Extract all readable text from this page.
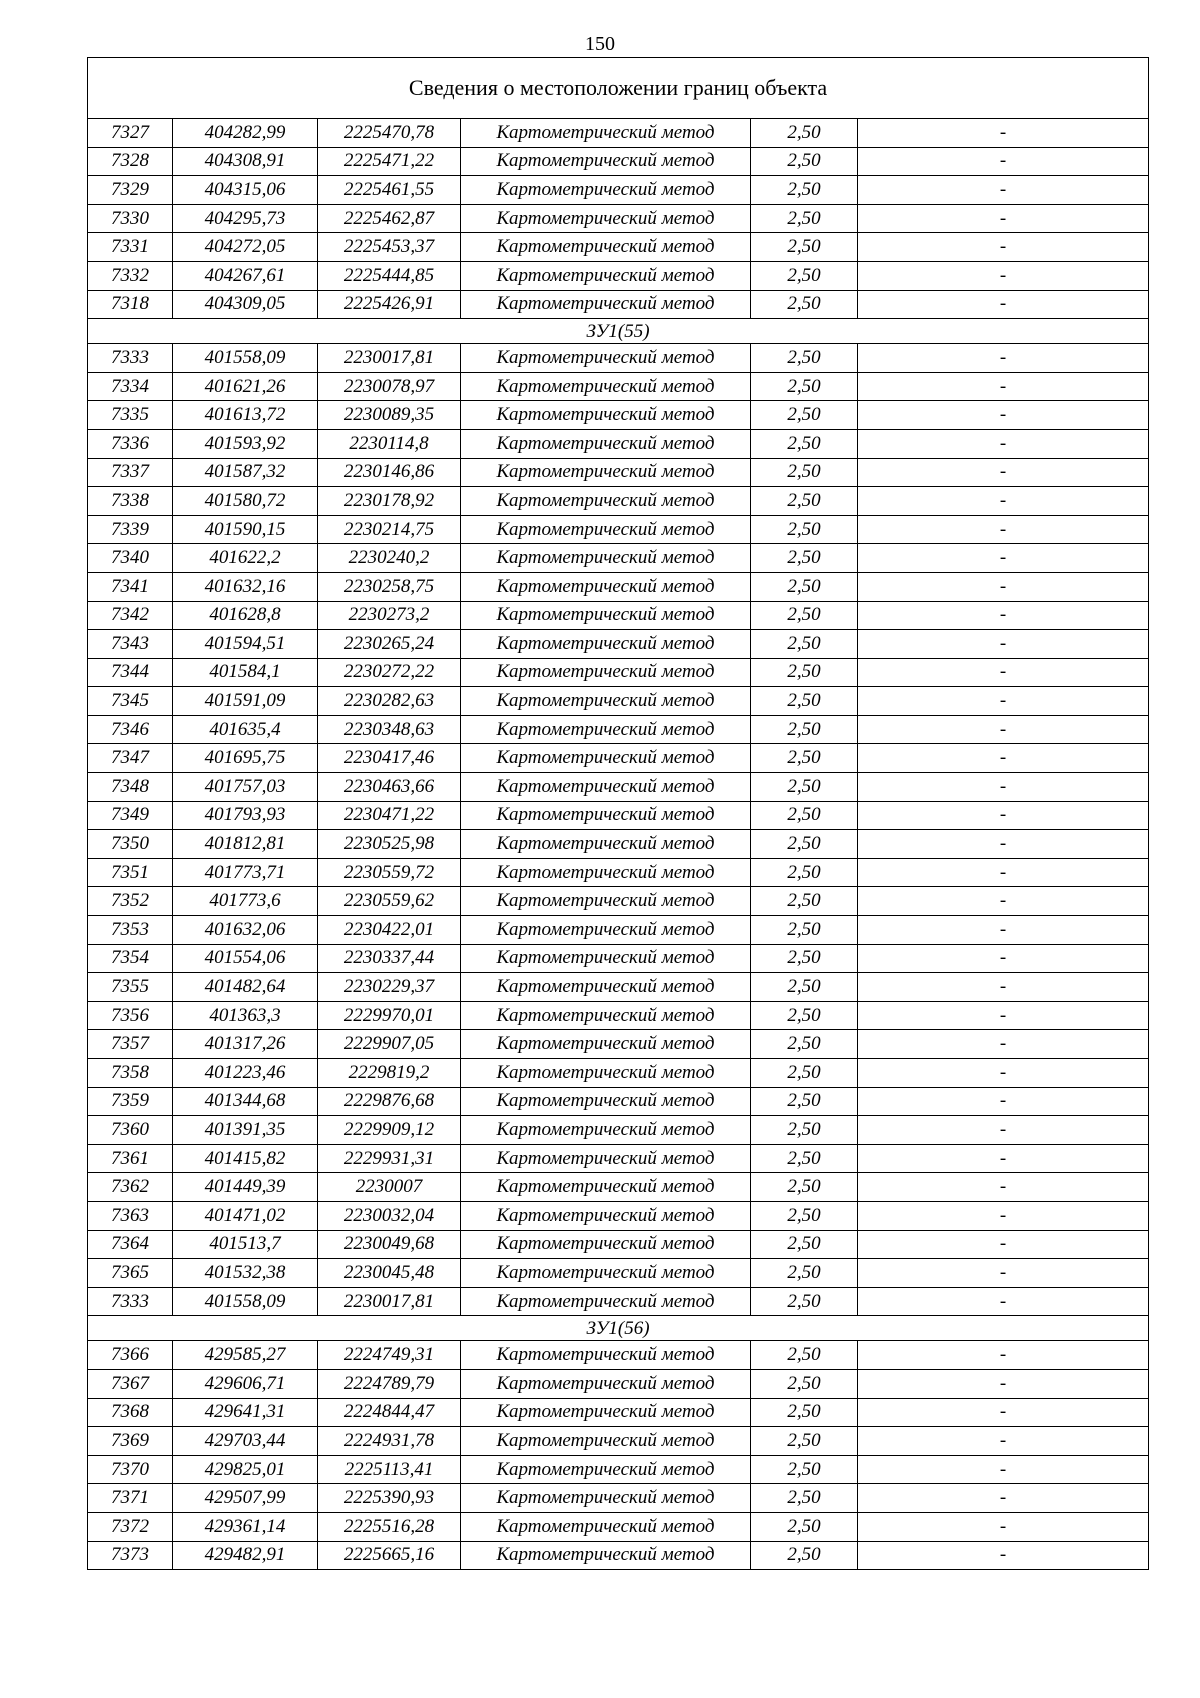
150
Сведения о местоположении границ объекта					
7327	404282,99	2225470,78	Картометрический метод	2,50	-
7328	404308,91	2225471,22	Картометрический метод	2,50	-
7329	404315,06	2225461,55	Картометрический метод	2,50	-
7330	404295,73	2225462,87	Картометрический метод	2,50	-
7331	404272,05	2225453,37	Картометрический метод	2,50	-
7332	404267,61	2225444,85	Картометрический метод	2,50	-
7318	404309,05	2225426,91	Картометрический метод	2,50	-
ЗУ1(55)					
7333	401558,09	2230017,81	Картометрический метод	2,50	-
7334	401621,26	2230078,97	Картометрический метод	2,50	-
7335	401613,72	2230089,35	Картометрический метод	2,50	-
7336	401593,92	2230114,8	Картометрический метод	2,50	-
7337	401587,32	2230146,86	Картометрический метод	2,50	-
7338	401580,72	2230178,92	Картометрический метод	2,50	-
7339	401590,15	2230214,75	Картометрический метод	2,50	-
7340	401622,2	2230240,2	Картометрический метод	2,50	-
7341	401632,16	2230258,75	Картометрический метод	2,50	-
7342	401628,8	2230273,2	Картометрический метод	2,50	-
7343	401594,51	2230265,24	Картометрический метод	2,50	-
7344	401584,1	2230272,22	Картометрический метод	2,50	-
7345	401591,09	2230282,63	Картометрический метод	2,50	-
7346	401635,4	2230348,63	Картометрический метод	2,50	-
7347	401695,75	2230417,46	Картометрический метод	2,50	-
7348	401757,03	2230463,66	Картометрический метод	2,50	-
7349	401793,93	2230471,22	Картометрический метод	2,50	-
7350	401812,81	2230525,98	Картометрический метод	2,50	-
7351	401773,71	2230559,72	Картометрический метод	2,50	-
7352	401773,6	2230559,62	Картометрический метод	2,50	-
7353	401632,06	2230422,01	Картометрический метод	2,50	-
7354	401554,06	2230337,44	Картометрический метод	2,50	-
7355	401482,64	2230229,37	Картометрический метод	2,50	-
7356	401363,3	2229970,01	Картометрический метод	2,50	-
7357	401317,26	2229907,05	Картометрический метод	2,50	-
7358	401223,46	2229819,2	Картометрический метод	2,50	-
7359	401344,68	2229876,68	Картометрический метод	2,50	-
7360	401391,35	2229909,12	Картометрический метод	2,50	-
7361	401415,82	2229931,31	Картометрический метод	2,50	-
7362	401449,39	2230007	Картометрический метод	2,50	-
7363	401471,02	2230032,04	Картометрический метод	2,50	-
7364	401513,7	2230049,68	Картометрический метод	2,50	-
7365	401532,38	2230045,48	Картометрический метод	2,50	-
7333	401558,09	2230017,81	Картометрический метод	2,50	-
ЗУ1(56)					
7366	429585,27	2224749,31	Картометрический метод	2,50	-
7367	429606,71	2224789,79	Картометрический метод	2,50	-
7368	429641,31	2224844,47	Картометрический метод	2,50	-
7369	429703,44	2224931,78	Картометрический метод	2,50	-
7370	429825,01	2225113,41	Картометрический метод	2,50	-
7371	429507,99	2225390,93	Картометрический метод	2,50	-
7372	429361,14	2225516,28	Картометрический метод	2,50	-
7373	429482,91	2225665,16	Картометрический метод	2,50	-
